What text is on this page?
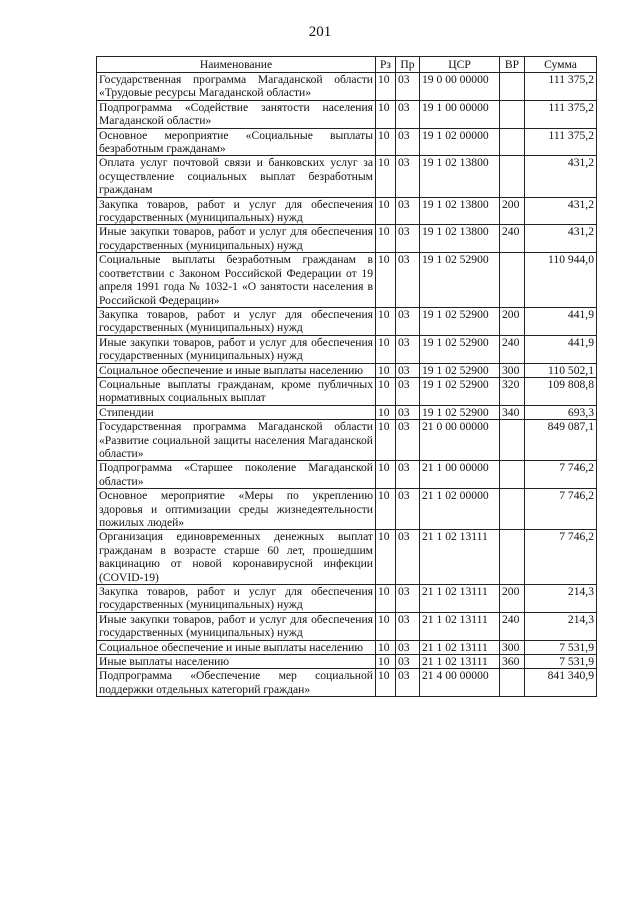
201
Наименование	Рз	Пр	ЦСР	ВР	Сумма
Государственная программа Магаданской области «Трудовые ресурсы Магаданской области»	10	03	19 0 00 00000		111 375,2
Подпрограмма «Содействие занятости населения Магаданской области»	10	03	19 1 00 00000		111 375,2
Основное мероприятие «Социальные выплаты безработным гражданам»	10	03	19 1 02 00000		111 375,2
Оплата услуг почтовой связи и банковских услуг за осуществление социальных выплат безработным гражданам	10	03	19 1 02 13800		431,2
Закупка товаров, работ и услуг для обеспечения государственных (муниципальных) нужд	10	03	19 1 02 13800	200	431,2
Иные закупки товаров, работ и услуг для обеспечения государственных (муниципальных) нужд	10	03	19 1 02 13800	240	431,2
Социальные выплаты безработным гражданам в соответствии с Законом Российской Федерации от 19 апреля 1991 года № 1032-1 «О занятости населения в Российской Федерации»	10	03	19 1 02 52900		110 944,0
Закупка товаров, работ и услуг для обеспечения государственных (муниципальных) нужд	10	03	19 1 02 52900	200	441,9
Иные закупки товаров, работ и услуг для обеспечения государственных (муниципальных) нужд	10	03	19 1 02 52900	240	441,9
Социальное обеспечение и иные выплаты населению	10	03	19 1 02 52900	300	110 502,1
Социальные выплаты гражданам, кроме публичных нормативных социальных выплат	10	03	19 1 02 52900	320	109 808,8
Стипендии	10	03	19 1 02 52900	340	693,3
Государственная программа Магаданской области «Развитие социальной защиты населения Магаданской области»	10	03	21 0 00 00000		849 087,1
Подпрограмма «Старшее поколение Магаданской области»	10	03	21 1 00 00000		7 746,2
Основное мероприятие «Меры по укреплению здоровья и оптимизации среды жизнедеятельности пожилых людей»	10	03	21 1 02 00000		7 746,2
Организация единовременных денежных выплат гражданам в возрасте старше 60 лет, прошедшим вакцинацию от новой коронавирусной инфекции (COVID-19)	10	03	21 1 02 13111		7 746,2
Закупка товаров, работ и услуг для обеспечения государственных (муниципальных) нужд	10	03	21 1 02 13111	200	214,3
Иные закупки товаров, работ и услуг для обеспечения государственных (муниципальных) нужд	10	03	21 1 02 13111	240	214,3
Социальное обеспечение и иные выплаты населению	10	03	21 1 02 13111	300	7 531,9
Иные выплаты населению	10	03	21 1 02 13111	360	7 531,9
Подпрограмма «Обеспечение мер социальной поддержки отдельных категорий граждан»	10	03	21 4 00 00000		841 340,9
